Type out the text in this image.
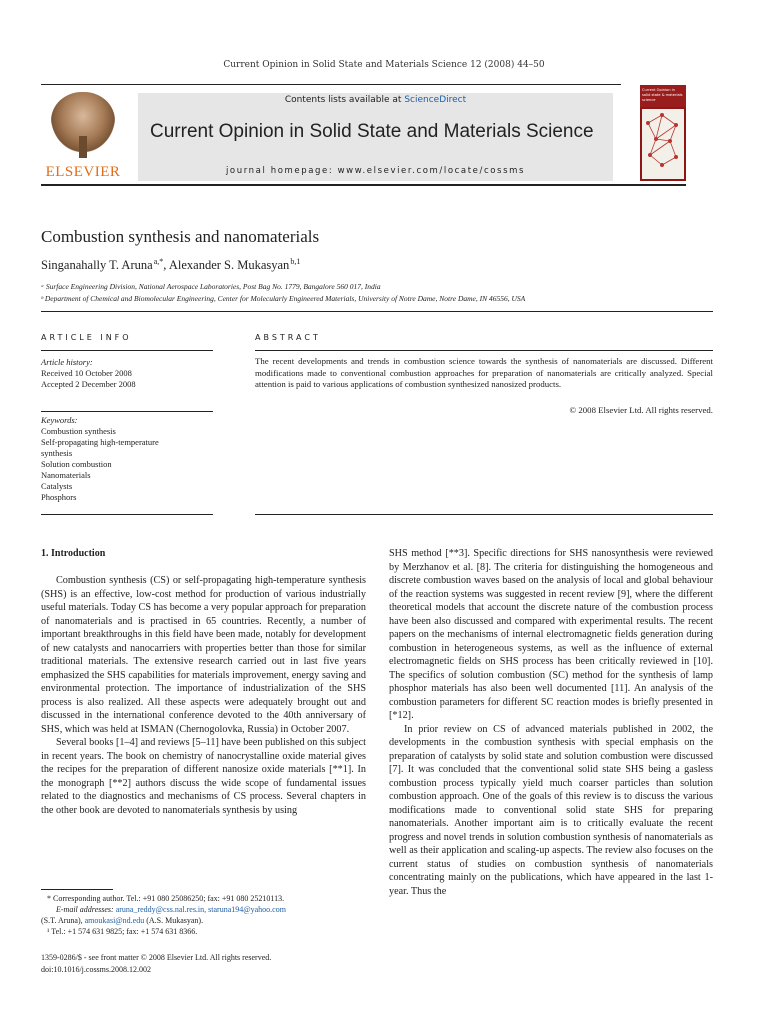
Current Opinion in Solid State and Materials Science 12 (2008) 44–50
ELSEVIER
Contents lists available at ScienceDirect
Current Opinion in Solid State and Materials Science
journal homepage: www.elsevier.com/locate/cossms
Current Opinion in solid state & materials science
Combustion synthesis and nanomaterials
Singanahally T. Aruna $^{a,*}$, Alexander S. Mukasyan $^{b,1}$
ᵃ Surface Engineering Division, National Aerospace Laboratories, Post Bag No. 1779, Bangalore 560 017, India
ᵇ Department of Chemical and Biomolecular Engineering, Center for Molecularly Engineered Materials, University of Notre Dame, Notre Dame, IN 46556, USA
ARTICLE INFO
Article history:
Received 10 October 2008
Accepted 2 December 2008
Keywords:
Combustion synthesis
Self-propagating high-temperature
synthesis
Solution combustion
Nanomaterials
Catalysts
Phosphors
ABSTRACT
The recent developments and trends in combustion science towards the synthesis of nanomaterials are discussed. Different modifications made to conventional combustion approaches for preparation of nanomaterials are critically analyzed. Special attention is paid to various applications of combustion synthesized nanosized products.
© 2008 Elsevier Ltd. All rights reserved.
1. Introduction

Combustion synthesis (CS) or self-propagating high-temperature synthesis (SHS) is an effective, low-cost method for production of various industrially useful materials. Today CS has become a very popular approach for preparation of nanomaterials and is practised in 65 countries. Recently, a number of important breakthroughs in this field have been made, notably for development of new catalysts and nanocarriers with properties better than those for similar traditional materials. The extensive research carried out in last five years emphasized the SHS capabilities for materials improvement, energy saving and environmental protection. The importance of industrialization of the SHS process is also realized. All these aspects were adequately brought out and discussed in the international conference devoted to the 40th anniversary of SHS, which was held at ISMAN (Chernogolovka, Russia) in October 2007.

Several books [1–4] and reviews [5–11] have been published on this subject in recent years. The book on chemistry of nanocrystalline oxide material gives the recipes for the preparation of different nanosize oxide materials [**1]. In the monograph [**2] authors discuss the wide scope of fundamental issues related to the diagnostics and mechanisms of CS process. Several chapters in the other book are devoted to nanomaterials synthesis by using

SHS method [**3]. Specific directions for SHS nanosynthesis were reviewed by Merzhanov et al. [8]. The criteria for distinguishing the homogeneous and discrete combustion waves based on the analysis of local and global behaviour of the reaction systems was suggested in recent review [9], where the different theoretical models that account the discrete nature of the combustion process have been also discussed and compared with experimental results. The recent papers on the mechanisms of internal electromagnetic fields generation during combustion in heterogeneous systems, as well as the influence of external electromagnetic fields on SHS process has been critically reviewed in [10]. The specifics of solution combustion (SC) method for the synthesis of lamp phosphor materials has also been well documented [11]. An analysis of the combustion parameters for different SC reaction modes is briefly presented in [*12].

In prior review on CS of advanced materials published in 2002, the developments in the combustion synthesis with special emphasis on the preparation of catalysts by solid state and solution combustion were discussed [7]. It was concluded that the conventional solid state SHS being a gasless combustion process typically yield much coarser particles than solution combustion approach. One of the goals of this review is to discuss the various modifications made to conventional solid state SHS for preparing nanomaterials. Another important aim is to critically evaluate the recent progress and novel trends in solution combustion synthesis of nanomaterials as well as their application and scaling-up aspects. The review also focuses on the current status of studies on combustion synthesis of nanomaterials concentrating mainly on the publications, which have appeared in the last 1-year. Thus the

* Corresponding author. Tel.: +91 080 25086250; fax: +91 080 25210113.
E-mail addresses: aruna_reddy@css.nal.res.in, staruna194@yahoo.com
(S.T. Aruna), amoukasi@nd.edu (A.S. Mukasyan).
¹ Tel.: +1 574 631 9825; fax: +1 574 631 8366.
1359-0286/$ - see front matter © 2008 Elsevier Ltd. All rights reserved.
doi:10.1016/j.cossms.2008.12.002
